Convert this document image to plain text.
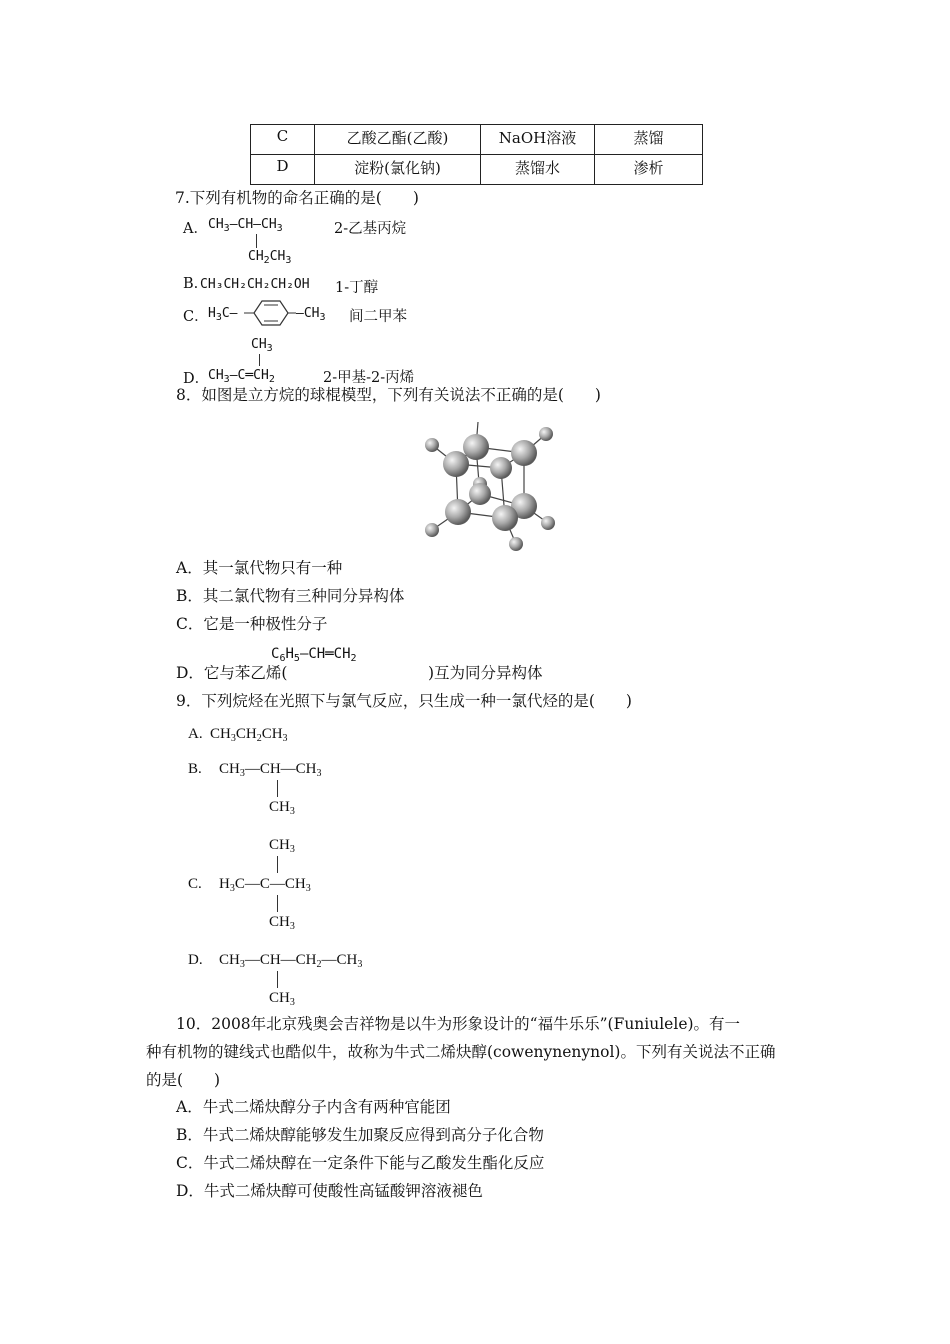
C	乙酸乙酯(乙酸)	NaOH溶液	蒸馏

D	淀粉(氯化钠)	蒸馏水	渗析
7.下列有机物的命名正确的是(　　)
A． $CH_3—CH—CH_3$
$CH_2CH_3$
2-乙基丙烷
B. CH₃CH₂CH₂CH₂OH 1-丁醇
C． $H_3C—$	$—CH_3$ 间二甲苯
$CH_3$
D．
$CH_3—C═CH_2$	2-甲基-2-丙烯
8．如图是立方烷的球棍模型，下列有关说法不正确的是(　　)
A．其一氯代物只有一种
B．其二氯代物有三种同分异构体
C．它是一种极性分子
D．它与苯乙烯(
$C_6H_5—CH═CH_2$
)互为同分异构体
9．下列烷烃在光照下与氯气反应，只生成一种一氯代烃的是(　　)
A. $CH_3CH_2CH_3$
B. $CH_3—CH—CH_3$
$CH_3$
$CH_3$
C. $H_3C—C—CH_3$
$CH_3$
D. $CH_3—CH—CH_2—CH_3$
$CH_3$
10．2008年北京残奥会吉祥物是以牛为形象设计的“福牛乐乐”(Funiulele)。有一
种有机物的键线式也酷似牛，故称为牛式二烯炔醇(cowenynenynol)。下列有关说法不正确
的是(　　)
A．牛式二烯炔醇分子内含有两种官能团
B．牛式二烯炔醇能够发生加聚反应得到高分子化合物
C．牛式二烯炔醇在一定条件下能与乙酸发生酯化反应
D．牛式二烯炔醇可使酸性高锰酸钾溶液褪色
